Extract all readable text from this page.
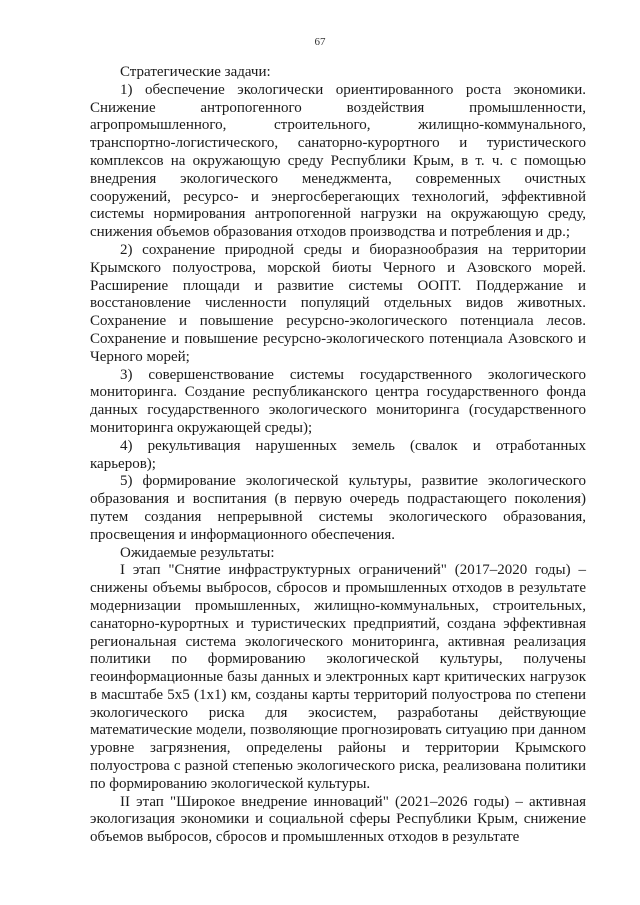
67

Стратегические задачи:

1) обеспечение экологически ориентированного роста экономики. Снижение антропогенного воздействия промышленности, агропромышленного, строительного, жилищно-коммунального, транспортно-логистического, санаторно-курортного и туристического комплексов на окружающую среду Республики Крым, в т. ч. с помощью внедрения экологического менеджмента, современных очистных сооружений, ресурсо- и энергосберегающих технологий, эффективной системы нормирования антропогенной нагрузки на окружающую среду, снижения объемов образования отходов производства и потребления и др.;

2) сохранение природной среды и биоразнообразия на территории Крымского полуострова, морской биоты Черного и Азовского морей. Расширение площади и развитие системы ООПТ. Поддержание и восстановление численности популяций отдельных видов животных. Сохранение и повышение ресурсно-экологического потенциала лесов. Сохранение и повышение ресурсно-экологического потенциала Азовского и Черного морей;

3) совершенствование системы государственного экологического мониторинга. Создание республиканского центра государственного фонда данных государственного экологического мониторинга (государственного мониторинга окружающей среды);

4) рекультивация нарушенных земель (свалок и отработанных карьеров);

5) формирование экологической культуры, развитие экологического образования и воспитания (в первую очередь подрастающего поколения) путем создания непрерывной системы экологического образования, просвещения и информационного обеспечения.

Ожидаемые результаты:

I этап "Снятие инфраструктурных ограничений" (2017–2020 годы) – снижены объемы выбросов, сбросов и промышленных отходов в результате модернизации промышленных, жилищно-коммунальных, строительных, санаторно-курортных и туристических предприятий, создана эффективная региональная система экологического мониторинга, активная реализация политики по формированию экологической культуры, получены геоинформационные базы данных и электронных карт критических нагрузок в масштабе 5х5 (1х1) км, созданы карты территорий полуострова по степени экологического риска для экосистем, разработаны действующие математические модели, позволяющие прогнозировать ситуацию при данном уровне загрязнения, определены районы и территории Крымского полуострова с разной степенью экологического риска, реализована политики по формированию экологической культуры.

II этап "Широкое внедрение инноваций" (2021–2026 годы) – активная экологизация экономики и социальной сферы Республики Крым, снижение объемов выбросов, сбросов и промышленных отходов в результате
